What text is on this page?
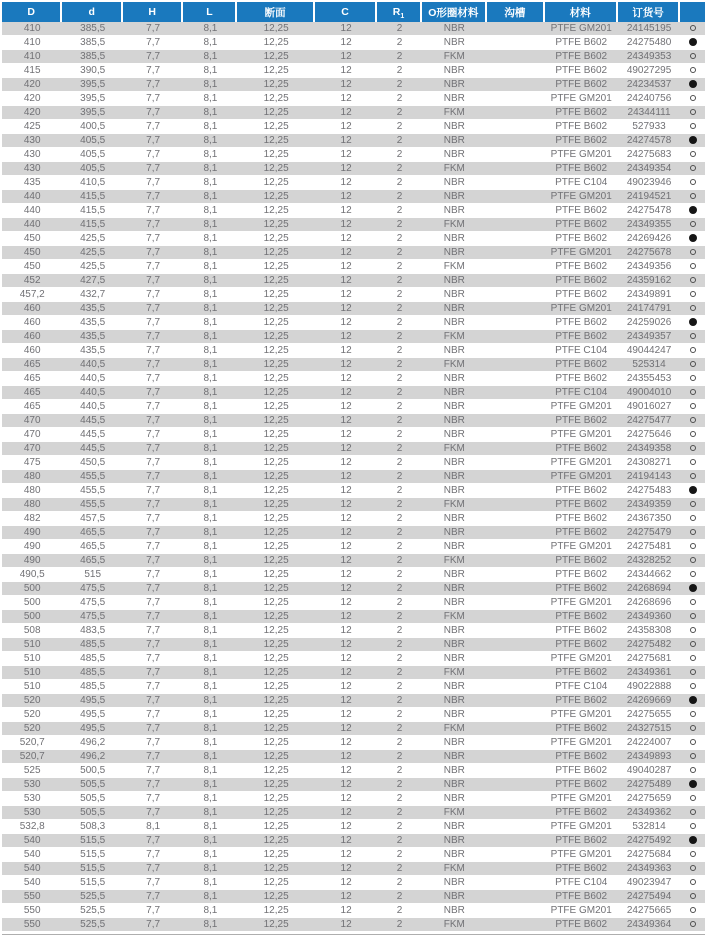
D	d	H	L	断面	C	$R_1$	O形圈材料	沟槽	材料	订货号	
410	385,5	7,7	8,1	12,25	12	2	NBR		PTFE GM201	24145195	
410	385,5	7,7	8,1	12,25	12	2	NBR		PTFE B602	24275480	
410	385,5	7,7	8,1	12,25	12	2	FKM		PTFE B602	24349353	
415	390,5	7,7	8,1	12,25	12	2	NBR		PTFE B602	49027295	
420	395,5	7,7	8,1	12,25	12	2	NBR		PTFE B602	24234537	
420	395,5	7,7	8,1	12,25	12	2	NBR		PTFE GM201	24240756	
420	395,5	7,7	8,1	12,25	12	2	FKM		PTFE B602	24344111	
425	400,5	7,7	8,1	12,25	12	2	NBR		PTFE B602	527933	
430	405,5	7,7	8,1	12,25	12	2	NBR		PTFE B602	24274578	
430	405,5	7,7	8,1	12,25	12	2	NBR		PTFE GM201	24275683	
430	405,5	7,7	8,1	12,25	12	2	FKM		PTFE B602	24349354	
435	410,5	7,7	8,1	12,25	12	2	NBR		PTFE C104	49023946	
440	415,5	7,7	8,1	12,25	12	2	NBR		PTFE GM201	24194521	
440	415,5	7,7	8,1	12,25	12	2	NBR		PTFE B602	24275478	
440	415,5	7,7	8,1	12,25	12	2	FKM		PTFE B602	24349355	
450	425,5	7,7	8,1	12,25	12	2	NBR		PTFE B602	24269426	
450	425,5	7,7	8,1	12,25	12	2	NBR		PTFE GM201	24275678	
450	425,5	7,7	8,1	12,25	12	2	FKM		PTFE B602	24349356	
452	427,5	7,7	8,1	12,25	12	2	NBR		PTFE B602	24359162	
457,2	432,7	7,7	8,1	12,25	12	2	NBR		PTFE B602	24349891	
460	435,5	7,7	8,1	12,25	12	2	NBR		PTFE GM201	24174791	
460	435,5	7,7	8,1	12,25	12	2	NBR		PTFE B602	24259026	
460	435,5	7,7	8,1	12,25	12	2	FKM		PTFE B602	24349357	
460	435,5	7,7	8,1	12,25	12	2	NBR		PTFE C104	49044247	
465	440,5	7,7	8,1	12,25	12	2	FKM		PTFE B602	525314	
465	440,5	7,7	8,1	12,25	12	2	NBR		PTFE B602	24355453	
465	440,5	7,7	8,1	12,25	12	2	NBR		PTFE C104	49004010	
465	440,5	7,7	8,1	12,25	12	2	NBR		PTFE GM201	49016027	
470	445,5	7,7	8,1	12,25	12	2	NBR		PTFE B602	24275477	
470	445,5	7,7	8,1	12,25	12	2	NBR		PTFE GM201	24275646	
470	445,5	7,7	8,1	12,25	12	2	FKM		PTFE B602	24349358	
475	450,5	7,7	8,1	12,25	12	2	NBR		PTFE GM201	24308271	
480	455,5	7,7	8,1	12,25	12	2	NBR		PTFE GM201	24194143	
480	455,5	7,7	8,1	12,25	12	2	NBR		PTFE B602	24275483	
480	455,5	7,7	8,1	12,25	12	2	FKM		PTFE B602	24349359	
482	457,5	7,7	8,1	12,25	12	2	NBR		PTFE B602	24367350	
490	465,5	7,7	8,1	12,25	12	2	NBR		PTFE B602	24275479	
490	465,5	7,7	8,1	12,25	12	2	NBR		PTFE GM201	24275481	
490	465,5	7,7	8,1	12,25	12	2	FKM		PTFE B602	24328252	
490,5	515	7,7	8,1	12,25	12	2	NBR		PTFE B602	24344662	
500	475,5	7,7	8,1	12,25	12	2	NBR		PTFE B602	24268694	
500	475,5	7,7	8,1	12,25	12	2	NBR		PTFE GM201	24268696	
500	475,5	7,7	8,1	12,25	12	2	FKM		PTFE B602	24349360	
508	483,5	7,7	8,1	12,25	12	2	NBR		PTFE B602	24358308	
510	485,5	7,7	8,1	12,25	12	2	NBR		PTFE B602	24275482	
510	485,5	7,7	8,1	12,25	12	2	NBR		PTFE GM201	24275681	
510	485,5	7,7	8,1	12,25	12	2	FKM		PTFE B602	24349361	
510	485,5	7,7	8,1	12,25	12	2	NBR		PTFE C104	49022888	
520	495,5	7,7	8,1	12,25	12	2	NBR		PTFE B602	24269669	
520	495,5	7,7	8,1	12,25	12	2	NBR		PTFE GM201	24275655	
520	495,5	7,7	8,1	12,25	12	2	FKM		PTFE B602	24327515	
520,7	496,2	7,7	8,1	12,25	12	2	NBR		PTFE GM201	24224007	
520,7	496,2	7,7	8,1	12,25	12	2	NBR		PTFE B602	24349893	
525	500,5	7,7	8,1	12,25	12	2	NBR		PTFE B602	49040287	
530	505,5	7,7	8,1	12,25	12	2	NBR		PTFE B602	24275489	
530	505,5	7,7	8,1	12,25	12	2	NBR		PTFE GM201	24275659	
530	505,5	7,7	8,1	12,25	12	2	FKM		PTFE B602	24349362	
532,8	508,3	8,1	8,1	12,25	12	2	NBR		PTFE GM201	532814	
540	515,5	7,7	8,1	12,25	12	2	NBR		PTFE B602	24275492	
540	515,5	7,7	8,1	12,25	12	2	NBR		PTFE GM201	24275684	
540	515,5	7,7	8,1	12,25	12	2	FKM		PTFE B602	24349363	
540	515,5	7,7	8,1	12,25	12	2	NBR		PTFE C104	49023947	
550	525,5	7,7	8,1	12,25	12	2	NBR		PTFE B602	24275494	
550	525,5	7,7	8,1	12,25	12	2	NBR		PTFE GM201	24275665	
550	525,5	7,7	8,1	12,25	12	2	FKM		PTFE B602	24349364	
